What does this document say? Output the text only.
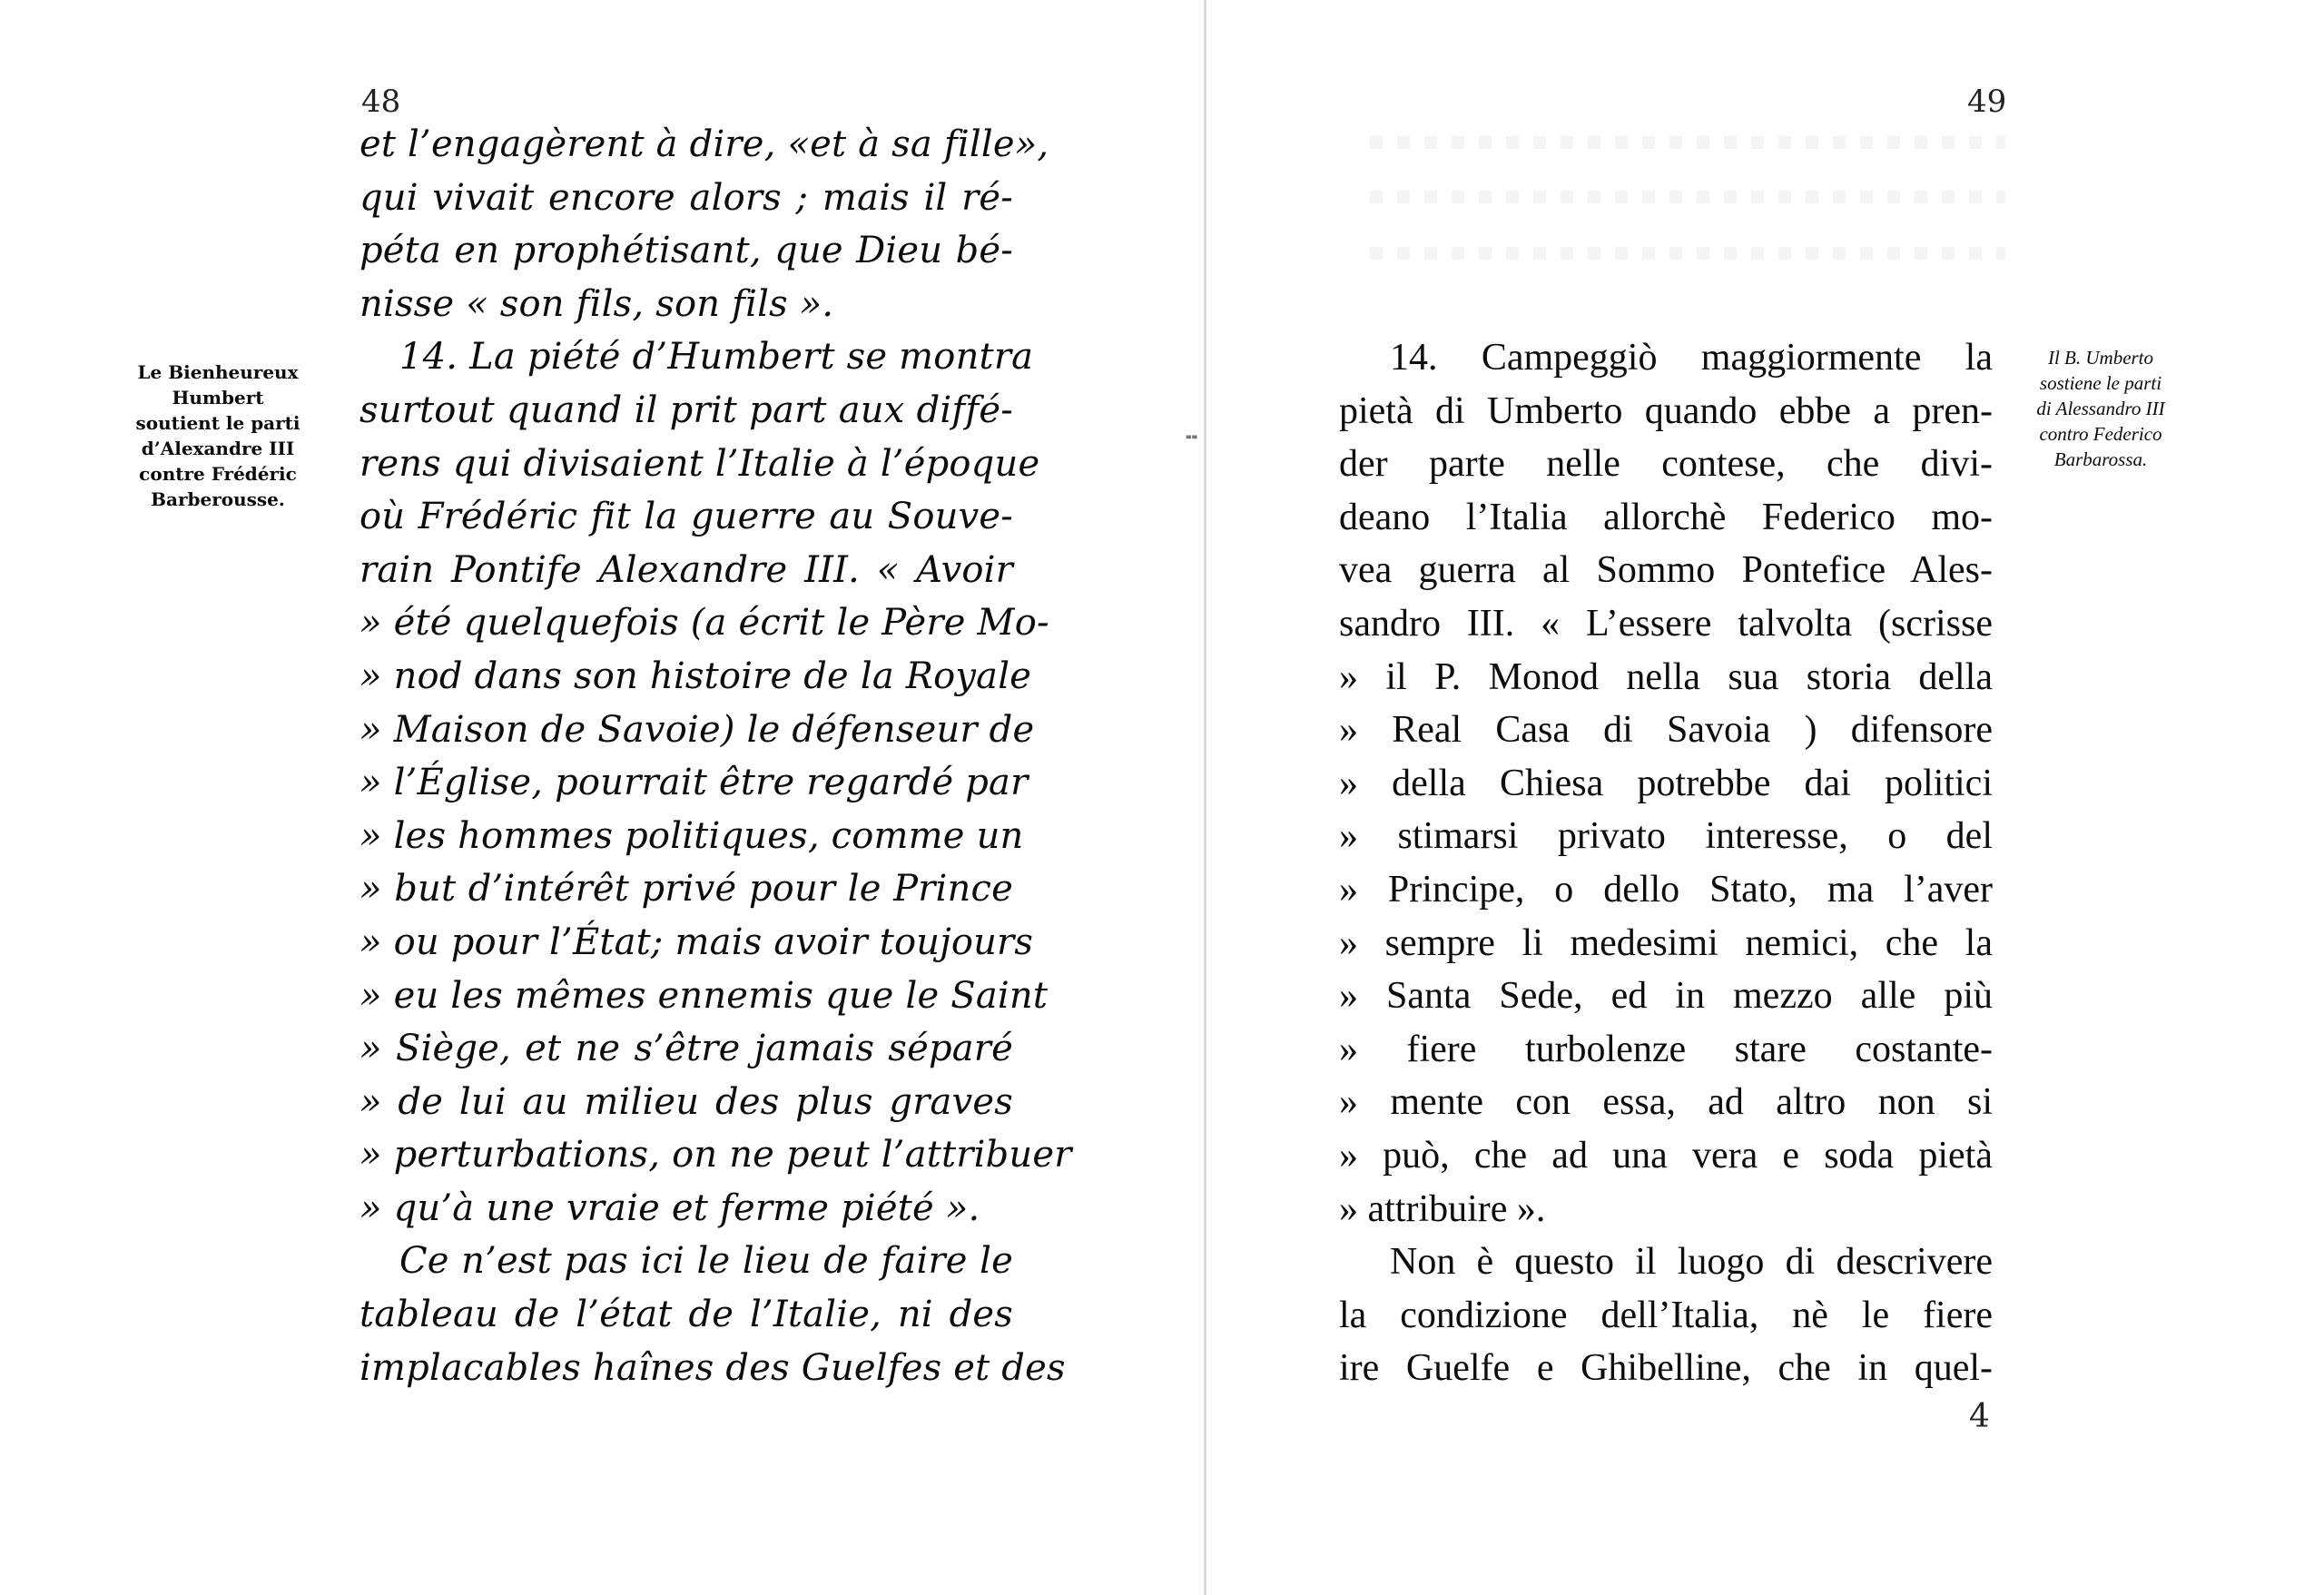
48
Le Bienheureux
Humbert
soutient le parti
d’Alexandre III
contre Frédéric
Barberousse.
et l’engagèrent à dire, «et à sa fille»,
qui vivait encore alors ; mais il ré-
péta en prophétisant, que Dieu bé-
nisse « son fils, son fils ».
14. La piété d’Humbert se montra
surtout quand il prit part aux diffé-
rens qui divisaient l’Italie à l’époque
où Frédéric fit la guerre au Souve-
rain Pontife Alexandre III. « Avoir
» été quelquefois (a écrit le Père Mo-
» nod dans son histoire de la Royale
» Maison de Savoie) le défenseur de
» l’Église, pourrait être regardé par
» les hommes politiques, comme un
» but d’intérêt privé pour le Prince
» ou pour l’État; mais avoir toujours
» eu les mêmes ennemis que le Saint
» Siège, et ne s’être jamais séparé
» de lui au milieu des plus graves
» perturbations, on ne peut l’attribuer
» qu’à une vraie et ferme piété ».
Ce n’est pas ici le lieu de faire le
tableau de l’état de l’Italie, ni des
implacables haînes des Guelfes et des
╍
49
Il B. Umberto
sostiene le parti
di Alessandro III
contro Federico
Barbarossa.
14. Campeggiò maggiormente la
pietà di Umberto quando ebbe a pren-
der parte nelle contese, che divi-
deano l’Italia allorchè Federico mo-
vea guerra al Sommo Pontefice Ales-
sandro III. « L’essere talvolta (scrisse
» il P. Monod nella sua storia della
» Real Casa di Savoia ) difensore
» della Chiesa potrebbe dai politici
» stimarsi privato interesse, o del
» Principe, o dello Stato, ma l’aver
» sempre li medesimi nemici, che la
» Santa Sede, ed in mezzo alle più
» fiere turbolenze stare costante-
» mente con essa, ad altro non si
» può, che ad una vera e soda pietà
» attribuire ».
Non è questo il luogo di descrivere
la condizione dell’Italia, nè le fiere
ire Guelfe e Ghibelline, che in quel-
4
